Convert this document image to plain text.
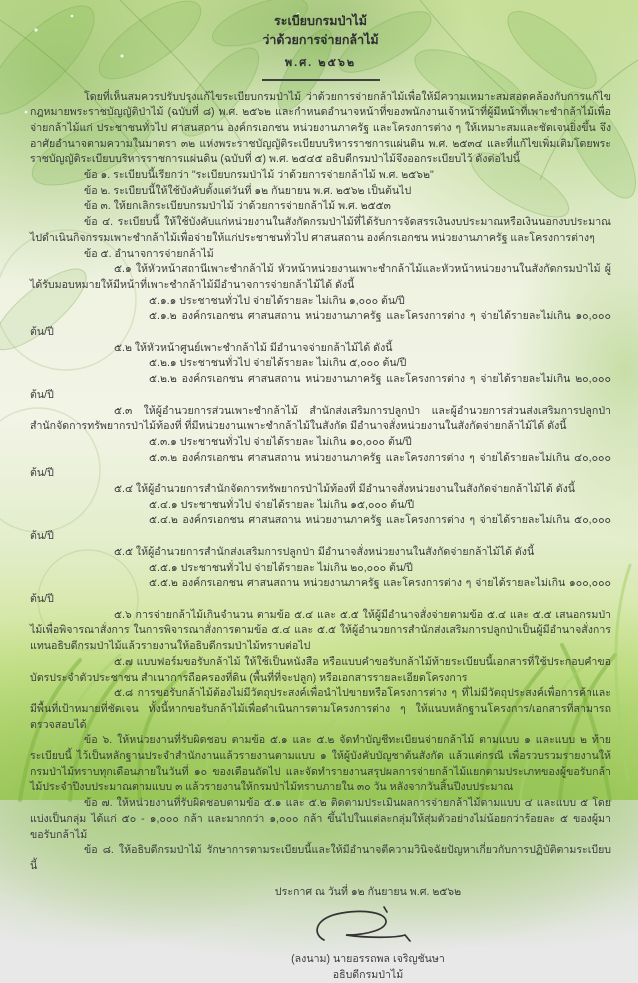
ระเบียบกรมป่าไม้
ว่าด้วยการจ่ายกล้าไม้
พ.ศ. ๒๕๖๒

โดยที่เห็นสมควรปรับปรุงแก้ไขระเบียบกรมป่าไม้ ว่าด้วยการจ่ายกล้าไม้เพื่อให้มีความเหมาะสมสอดคล้องกับการแก้ไขกฎหมายพระราชบัญญัติป่าไม้ (ฉบับที่ ๘) พ.ศ. ๒๕๖๒ และกำหนดอำนาจหน้าที่ของพนักงานเจ้าหน้าที่ผู้มีหน้าที่เพาะชำกล้าไม้เพื่อจ่ายกล้าไม้แก่ ประชาชนทั่วไป ศาสนสถาน องค์กรเอกชน หน่วยงานภาครัฐ และโครงการต่าง ๆ ให้เหมาะสมและชัดเจนยิ่งขึ้น จึงอาศัยอำนาจตามความในมาตรา ๓๒ แห่งพระราชบัญญัติระเบียบบริหารราชการแผ่นดิน พ.ศ. ๒๕๓๔ และที่แก้ไขเพิ่มเติมโดยพระราชบัญญัติระเบียบบริหารราชการแผ่นดิน (ฉบับที่ ๕) พ.ศ. ๒๕๔๕ อธิบดีกรมป่าไม้จึงออกระเบียบไว้ ดังต่อไปนี้

ข้อ ๑. ระเบียบนี้เรียกว่า "ระเบียบกรมป่าไม้ ว่าด้วยการจ่ายกล้าไม้ พ.ศ. ๒๕๖๒"

ข้อ ๒. ระเบียบนี้ให้ใช้บังคับตั้งแต่วันที่ ๑๒ กันยายน พ.ศ. ๒๕๖๒ เป็นต้นไป

ข้อ ๓. ให้ยกเลิกระเบียบกรมป่าไม้ ว่าด้วยการจ่ายกล้าไม้ พ.ศ. ๒๕๕๓

ข้อ ๔. ระเบียบนี้ ให้ใช้บังคับแก่หน่วยงานในสังกัดกรมป่าไม้ที่ได้รับการจัดสรรเงินงบประมาณหรือเงินนอกงบประมาณไปดำเนินกิจกรรมเพาะชำกล้าไม้เพื่อจ่ายให้แก่ประชาชนทั่วไป ศาสนสถาน องค์กรเอกชน หน่วยงานภาครัฐ และโครงการต่างๆ

ข้อ ๕. อำนาจการจ่ายกล้าไม้

๕.๑ ให้หัวหน้าสถานีเพาะชำกล้าไม้ หัวหน้าหน่วยงานเพาะชำกล้าไม้และหัวหน้าหน่วยงานในสังกัดกรมป่าไม้ ผู้ได้รับมอบหมายให้มีหน้าที่เพาะชำกล้าไม้มีอำนาจการจ่ายกล้าไม้ได้ ดังนี้

๕.๑.๑ ประชาชนทั่วไป จ่ายได้รายละ ไม่เกิน ๑,๐๐๐ ต้น/ปี

๕.๑.๒ องค์กรเอกชน ศาสนสถาน หน่วยงานภาครัฐ และโครงการต่าง ๆ จ่ายได้รายละไม่เกิน ๑๐,๐๐๐ ต้น/ปี

๕.๒ ให้หัวหน้าศูนย์เพาะชำกล้าไม้ มีอำนาจจ่ายกล้าไม้ได้ ดังนี้

๕.๒.๑ ประชาชนทั่วไป จ่ายได้รายละ ไม่เกิน ๕,๐๐๐ ต้น/ปี

๕.๒.๒ องค์กรเอกชน ศาสนสถาน หน่วยงานภาครัฐ และโครงการต่าง ๆ จ่ายได้รายละไม่เกิน ๒๐,๐๐๐ ต้น/ปี

๕.๓ ให้ผู้อำนวยการส่วนเพาะชำกล้าไม้ สำนักส่งเสริมการปลูกป่า และผู้อำนวยการส่วนส่งเสริมการปลูกป่า สำนักจัดการทรัพยากรป่าไม้ท้องที่ ที่มีหน่วยงานเพาะชำกล้าไม้ในสังกัด มีอำนาจสั่งหน่วยงานในสังกัดจ่ายกล้าไม้ได้ ดังนี้

๕.๓.๑ ประชาชนทั่วไป จ่ายได้รายละ ไม่เกิน ๑๐,๐๐๐ ต้น/ปี

๕.๓.๒ องค์กรเอกชน ศาสนสถาน หน่วยงานภาครัฐ และโครงการต่าง ๆ จ่ายได้รายละไม่เกิน ๔๐,๐๐๐ ต้น/ปี

๕.๔ ให้ผู้อำนวยการสำนักจัดการทรัพยากรป่าไม้ท้องที่ มีอำนาจสั่งหน่วยงานในสังกัดจ่ายกล้าไม้ได้ ดังนี้

๕.๔.๑ ประชาชนทั่วไป จ่ายได้รายละ ไม่เกิน ๑๕,๐๐๐ ต้น/ปี

๕.๔.๒ องค์กรเอกชน ศาสนสถาน หน่วยงานภาครัฐ และโครงการต่าง ๆ จ่ายได้รายละไม่เกิน ๕๐,๐๐๐ ต้น/ปี

๕.๕ ให้ผู้อำนวยการสำนักส่งเสริมการปลูกป่า มีอำนาจสั่งหน่วยงานในสังกัดจ่ายกล้าไม้ได้ ดังนี้

๕.๕.๑ ประชาชนทั่วไป จ่ายได้รายละ ไม่เกิน ๒๐,๐๐๐ ต้น/ปี

๕.๕.๒ องค์กรเอกชน ศาสนสถาน หน่วยงานภาครัฐ และโครงการต่าง ๆ จ่ายได้รายละไม่เกิน ๑๐๐,๐๐๐ ต้น/ปี

๕.๖ การจ่ายกล้าไม้เกินจำนวน ตามข้อ ๕.๔ และ ๕.๕ ให้ผู้มีอำนาจสั่งจ่ายตามข้อ ๕.๔ และ ๕.๕ เสนอกรมป่าไม้เพื่อพิจารณาสั่งการ ในการพิจารณาสั่งการตามข้อ ๕.๔ และ ๕.๕ ให้ผู้อำนวยการสำนักส่งเสริมการปลูกป่าเป็นผู้มีอำนาจสั่งการแทนอธิบดีกรมป่าไม้แล้วรายงานให้อธิบดีกรมป่าไม้ทราบต่อไป

๕.๗ แบบฟอร์มขอรับกล้าไม้ ให้ใช้เป็นหนังสือ หรือแบบคำขอรับกล้าไม้ท้ายระเบียบนี้เอกสารที่ใช้ประกอบคำขอ บัตรประจำตัวประชาชน สำเนาการถือครองที่ดิน (พื้นที่ที่จะปลูก) หรือเอกสารรายละเอียดโครงการ

๕.๘ การขอรับกล้าไม้ต้องไม่มีวัตถุประสงค์เพื่อนำไปขายหรือโครงการต่าง ๆ ที่ไม่มีวัตถุประสงค์เพื่อการค้าและมีพื้นที่เป้าหมายที่ชัดเจน ทั้งนี้หากขอรับกล้าไม้เพื่อดำเนินการตามโครงการต่าง ๆ ให้แนบหลักฐานโครงการ/เอกสารที่สามารถตรวจสอบได้

ข้อ ๖. ให้หน่วยงานที่รับผิดชอบ ตามข้อ ๕.๑ และ ๕.๒ จัดทำบัญชีทะเบียนจ่ายกล้าไม้ ตามแบบ ๑ และแบบ ๒ ท้ายระเบียบนี้ ไว้เป็นหลักฐานประจำสำนักงานแล้วรายงานตามแบบ ๑ ให้ผู้บังคับบัญชาต้นสังกัด แล้วแต่กรณี เพื่อรวบรวมรายงานให้กรมป่าไม้ทราบทุกเดือนภายในวันที่ ๑๐ ของเดือนถัดไป และจัดทำรายงานสรุปผลการจ่ายกล้าไม้แยกตามประเภทของผู้ขอรับกล้าไม้ประจำปีงบประมาณตามแบบ ๓ แล้วรายงานให้กรมป่าไม้ทราบภายใน ๓๐ วัน หลังจากวันสิ้นปีงบประมาณ

ข้อ ๗. ให้หน่วยงานที่รับผิดชอบตามข้อ ๕.๑ และ ๕.๒ ติดตามประเมินผลการจ่ายกล้าไม้ตามแบบ ๔ และแบบ ๕ โดยแบ่งเป็นกลุ่ม ได้แก่ ๕๐ - ๑,๐๐๐ กล้า และมากกว่า ๑,๐๐๐ กล้า ขึ้นไปในแต่ละกลุ่มให้สุ่มตัวอย่างไม่น้อยกว่าร้อยละ ๕ ของผู้มาขอรับกล้าไม้

ข้อ ๘. ให้อธิบดีกรมป่าไม้ รักษาการตามระเบียบนี้และให้มีอำนาจตีความวินิจฉัยปัญหาเกี่ยวกับการปฏิบัติตามระเบียบนี้

ประกาศ ณ วันที่ ๑๒ กันยายน พ.ศ. ๒๕๖๒
(ลงนาม) นายอรรถพล เจริญชันษา
อธิบดีกรมป่าไม้
